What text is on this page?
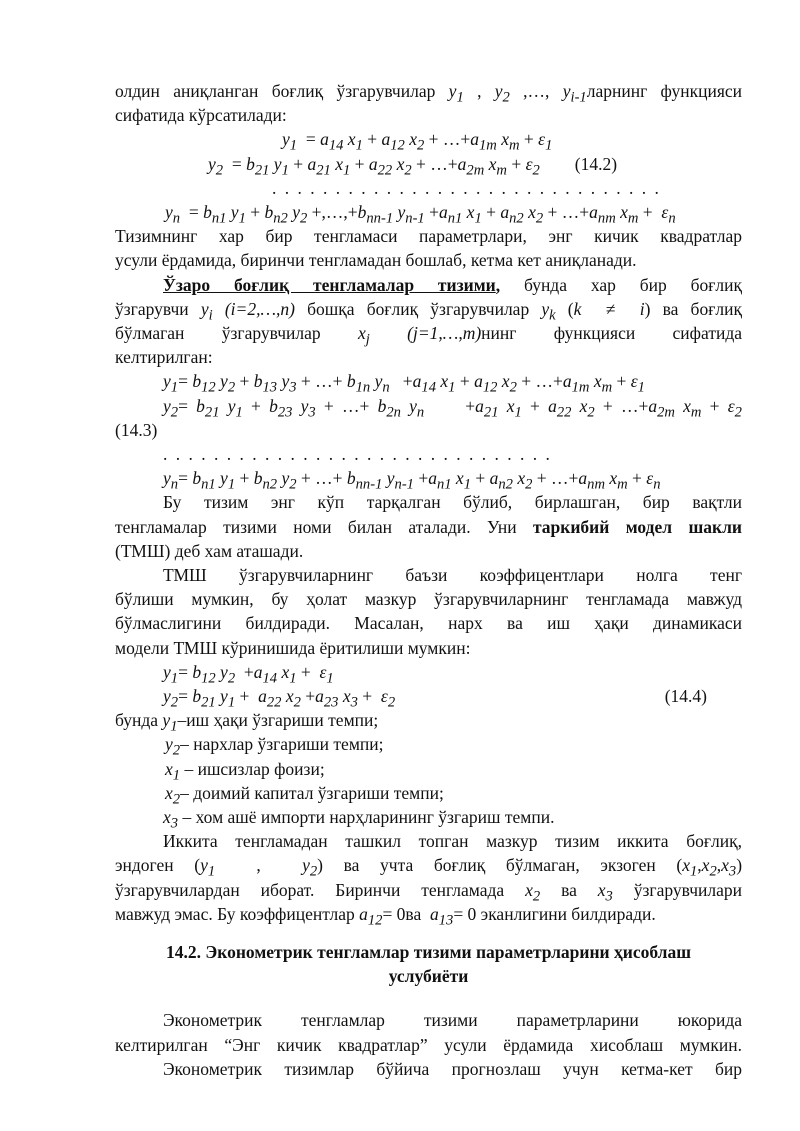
олдин аниқланган боғлиқ ўзгарувчилар $y_1$ , $y_2$ ,…, $y_{i-1}ларнинг$ функцияси
сифатида кўрсатилади:
$y_1 = a_{14}$ $x_1 + a_{12}$ $x_2$ + $\dots+a_{1m}$ $x_m + \varepsilon_1$
$y_2 = b_{21}$ $y_1 + a_{21}$ $x_1 + a_{22}$ $x_2$ + $\dots+a_{2m}$ $x_m + \varepsilon_2$        (14.2)
. . . . . . . . . . . . . . . . . . . . . . . . . . . . . . .
$y_n = b_{n1}$ $y_1 + b_{n2}$ $y_2$ $+,\dots,+b_{nn-1}$ $y_{n-1} +a_{n1}$ $x_1 + a_{n2}$ $x_2$ + $\dots+a_{nm}$ $x_m + \varepsilon_n$
Тизимнинг хар бир тенгламаси параметрлари, энг кичик квадратлар
усули ёрдамида, биринчи тенгламадан бошлаб, кетма кет аниқланади.
Ўзаро боғлиқ тенгламалар тизими, бунда хар бир боғлиқ
ўзгарувчи $y_i$ (i=2,…,n) бошқа боғлиқ ўзгарувчилар $y_k$ (k  ≠  i) ва боғлиқ
бўлмаган ўзгарувчилар $x_j$ (j=1,…,m)нинг функцияси сифатида
келтирилган:
$y_1= b_{12}$ $y_2 + b_{13}$ $y_3$ + …+ $b_{1n}$ $y_n +a_{14}$ $x_1 + a_{12}$ $x_2$ + $\dots+a_{1m}$ $x_m + \varepsilon_1$
$y_2= b_{21}$ $y_1 + b_{23}$ $y_3$ + …+ $b_{2n}$ $y_n$     $+a_{21}$ $x_1 + a_{22}$ $x_2$ + $\dots+a_{2m}$ $x_m + \varepsilon_2$
(14.3)
. . . . . . . . . . . . . . . . . . . . . . . . . . . . . . .
$y_n= b_{n1}$ $y_1 + b_{n2}$ $y_2$ + …+ $b_{nn-1}$ $y_{n-1} +a_{n1}$ $x_1 + a_{n2}$ $x_2$ + $\dots+a_{nm}$ $x_m + \varepsilon_n$
Бу тизим энг кўп тарқалган бўлиб, бирлашган, бир вақтли
тенгламалар тизими номи билан аталади. Уни таркибий модел шакли
(ТМШ) деб хам аташади.
ТМШ ўзгарувчиларнинг баъзи коэффицентлари нолга тенг
бўлиши мумкин, бу ҳолат мазкур ўзгарувчиларнинг тенгламада мавжуд
бўлмаслигини билдиради. Масалан, нарх ва иш ҳақи динамикаси
модели ТМШ кўринишида ёритилиши мумкин:
$y_1= b_{12}$ $y_2 +a_{14}$ $x_1 + \varepsilon_1$
$y_2= b_{21}$ $y_1 + a_{22}$ $x_2 +a_{23}$ $x_3 + \varepsilon_2$	(14.4)
бунда $y_1-иш$ ҳақи ўзгариши темпи;
$y_2-$ нархлар ўзгариши темпи;
$x_1$ – ишсизлар фоизи;
$x_2-$ доимий капитал ўзгариши темпи;
$x_3$ – хом ашё импорти нарҳларининг ўзгариш темпи.
Иккита тенгламадан ташкил топган мазкур тизим иккита боғлиқ,
эндоген ($y_1$  ,  $y_2$) ва учта боғлиқ бўлмаган, экзоген $(x_1,x_2,x_3)$
ўзгарувчилардан иборат. Биринчи тенгламада $x_2$ ва $x_3$ ўзгарувчилари
мавжуд эмас. Бу коэффицентлар $a_{12}= 0ва$  $a_{13}= 0$ эканлигини билдиради.
14.2. Эконометрик тенгламлар тизими параметрларини ҳисоблаш
услубиёти
Эконометрик тенгламлар тизими параметрларини юкорида
келтирилган “Энг кичик квадратлар” усули ёрдамида хисоблаш мумкин.
Эконометрик тизимлар бўйича прогнозлаш учун кетма-кет бир
